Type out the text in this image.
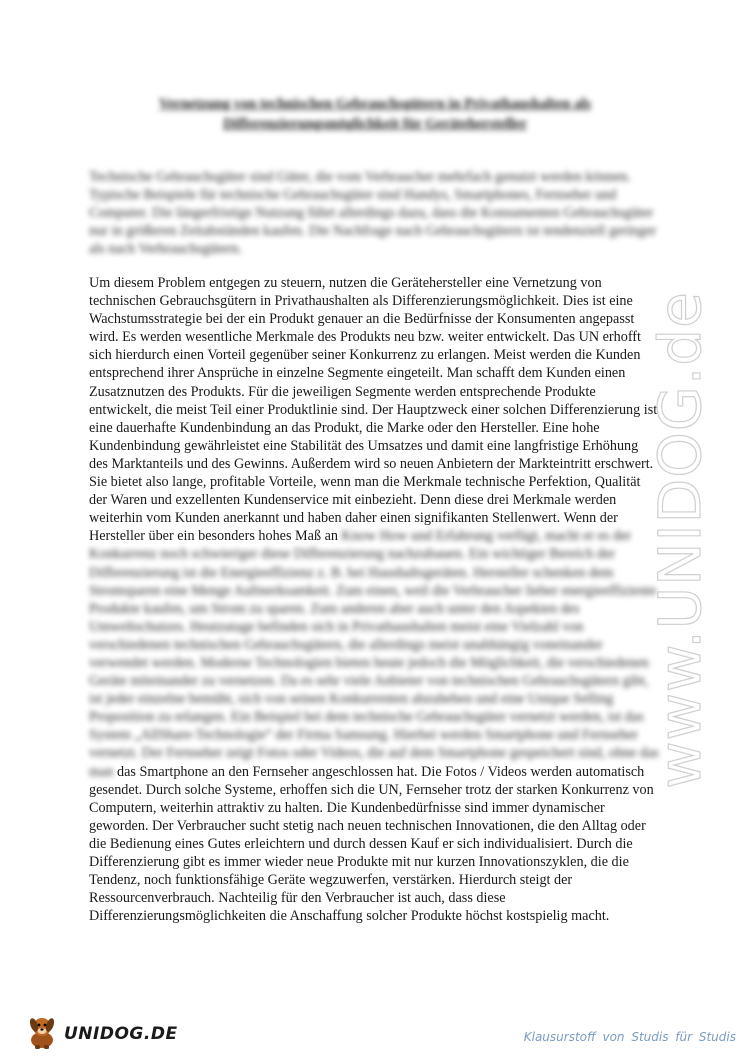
Vernetzung von technischen Gebrauchsgütern in Privathaushalten als Differenzierungsmöglichkeit für Gerätehersteller

Technische Gebrauchsgüter sind Güter, die vom Verbraucher mehrfach genutzt werden können. Typische Beispiele für technische Gebrauchsgüter sind Handys, Smartphones, Fernseher und Computer. Die längerfristige Nutzung führt allerdings dazu, dass die Konsumenten Gebrauchsgüter nur in größeren Zeitabständen kaufen. Die Nachfrage nach Gebrauchsgütern ist tendenziell geringer als nach Verbrauchsgütern.

Um diesem Problem entgegen zu steuern, nutzen die Gerätehersteller eine Vernetzung von technischen Gebrauchsgütern in Privathaushalten als Differenzierungsmöglichkeit. Dies ist eine Wachstumsstrategie bei der ein Produkt genauer an die Bedürfnisse der Konsumenten angepasst wird. Es werden wesentliche Merkmale des Produkts neu bzw. weiter entwickelt. Das UN erhofft sich hierdurch einen Vorteil gegenüber seiner Konkurrenz zu erlangen. Meist werden die Kunden entsprechend ihrer Ansprüche in einzelne Segmente eingeteilt. Man schafft dem Kunden einen Zusatznutzen des Produkts. Für die jeweiligen Segmente werden entsprechende Produkte entwickelt, die meist Teil einer Produktlinie sind. Der Hauptzweck einer solchen Differenzierung ist eine dauerhafte Kundenbindung an das Produkt, die Marke oder den Hersteller. Eine hohe Kundenbindung gewährleistet eine Stabilität des Umsatzes und damit eine langfristige Erhöhung des Marktanteils und des Gewinns. Außerdem wird so neuen Anbietern der Markteintritt erschwert. Sie bietet also lange, profitable Vorteile, wenn man die Merkmale technische Perfektion, Qualität der Waren und exzellenten Kundenservice mit einbezieht. Denn diese drei Merkmale werden weiterhin vom Kunden anerkannt und haben daher einen signifikanten Stellenwert. Wenn der Hersteller über ein besonders hohes Maß an Know How und Erfahrung verfügt, macht er es der Konkurrenz noch schwieriger diese Differenzierung nachzubauen. Ein wichtiger Bereich der Differenzierung ist die Energieeffizienz z. B. bei Haushaltsgeräten. Hersteller schenken dem Stromsparen eine Menge Aufmerksamkeit. Zum einen, weil die Verbraucher lieber energieeffiziente Produkte kaufen, um Strom zu sparen. Zum anderen aber auch unter den Aspekten des Umweltschutzes. Heutzutage befinden sich in Privathaushalten meist eine Vielzahl von verschiedenen technischen Gebrauchsgütern, die allerdings meist unabhängig voneinander verwendet werden. Moderne Technologien bieten heute jedoch die Möglichkeit, die verschiedenen Geräte miteinander zu vernetzen. Da es sehr viele Anbieter von technischen Gebrauchsgütern gibt, ist jeder einzelne bemüht, sich von seinen Konkurrenten abzuheben und eine Unique Selling Proposition zu erlangen. Ein Beispiel bei dem technische Gebrauchsgüter vernetzt werden, ist das System „AllShare-Technologie“ der Firma Samsung. Hierbei werden Smartphone und Fernseher vernetzt. Der Fernseher zeigt Fotos oder Videos, die auf dem Smartphone gespeichert sind, ohne das man das Smartphone an den Fernseher angeschlossen hat. Die Fotos / Videos werden automatisch gesendet. Durch solche Systeme, erhoffen sich die UN, Fernseher trotz der starken Konkurrenz von Computern, weiterhin attraktiv zu halten. Die Kundenbedürfnisse sind immer dynamischer geworden. Der Verbraucher sucht stetig nach neuen technischen Innovationen, die den Alltag oder die Bedienung eines Gutes erleichtern und durch dessen Kauf er sich individualisiert. Durch die Differenzierung gibt es immer wieder neue Produkte mit nur kurzen Innovationszyklen, die die Tendenz, noch funktionsfähige Geräte wegzuwerfen, verstärken. Hierdurch steigt der Ressourcenverbrauch. Nachteilig für den Verbraucher ist auch, dass diese Differenzierungsmöglichkeiten die Anschaffung solcher Produkte höchst kostspielig macht.

www.UNIDOG.de
UNIDOG.DE	Klausurstoff von Studis für Studis
